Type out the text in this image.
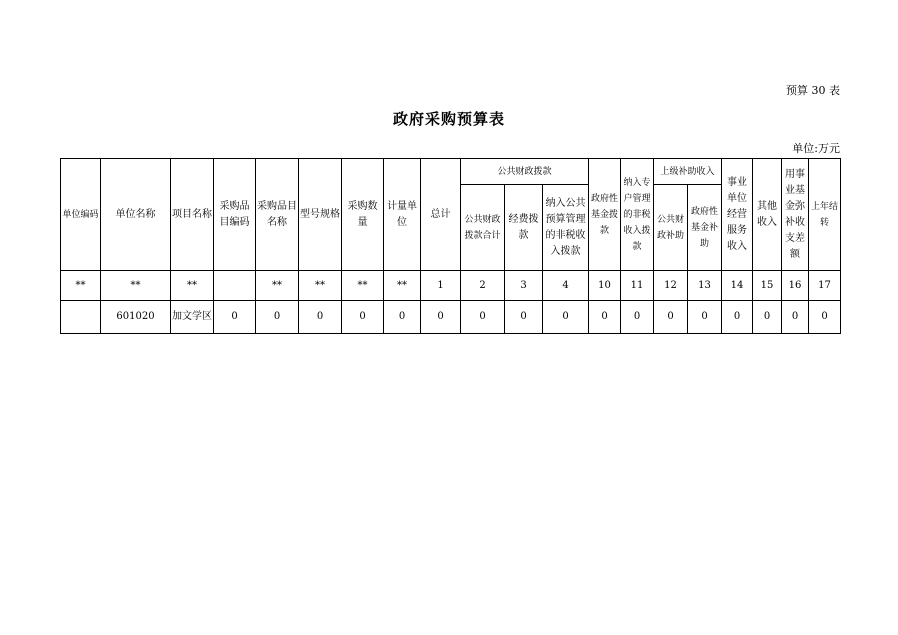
预算 30 表
政府采购预算表
单位:万元
单位编码	单位名称	项目名称	采购品目编码	采购品目名称	型号规格	采购数量	计量单位	总计	公共财政拨款			政府性基金拨款	纳入专户管理的非税收入拨款	上级补助收入		事业单位经营服务收入	其他收入	用事业基金弥补收支差额	上年结转
									公共财政拨款合计	经费拨款	纳入公共预算管理的非税收入拨款			公共财政补助	政府性基金补助				
**	**	**		**	**	**	**	1	2	3	4	10	11	12	13	14	15	16	17
	601020	加文学区	0	0	0	0	0	0	0	0	0	0	0	0	0	0	0	0	0
